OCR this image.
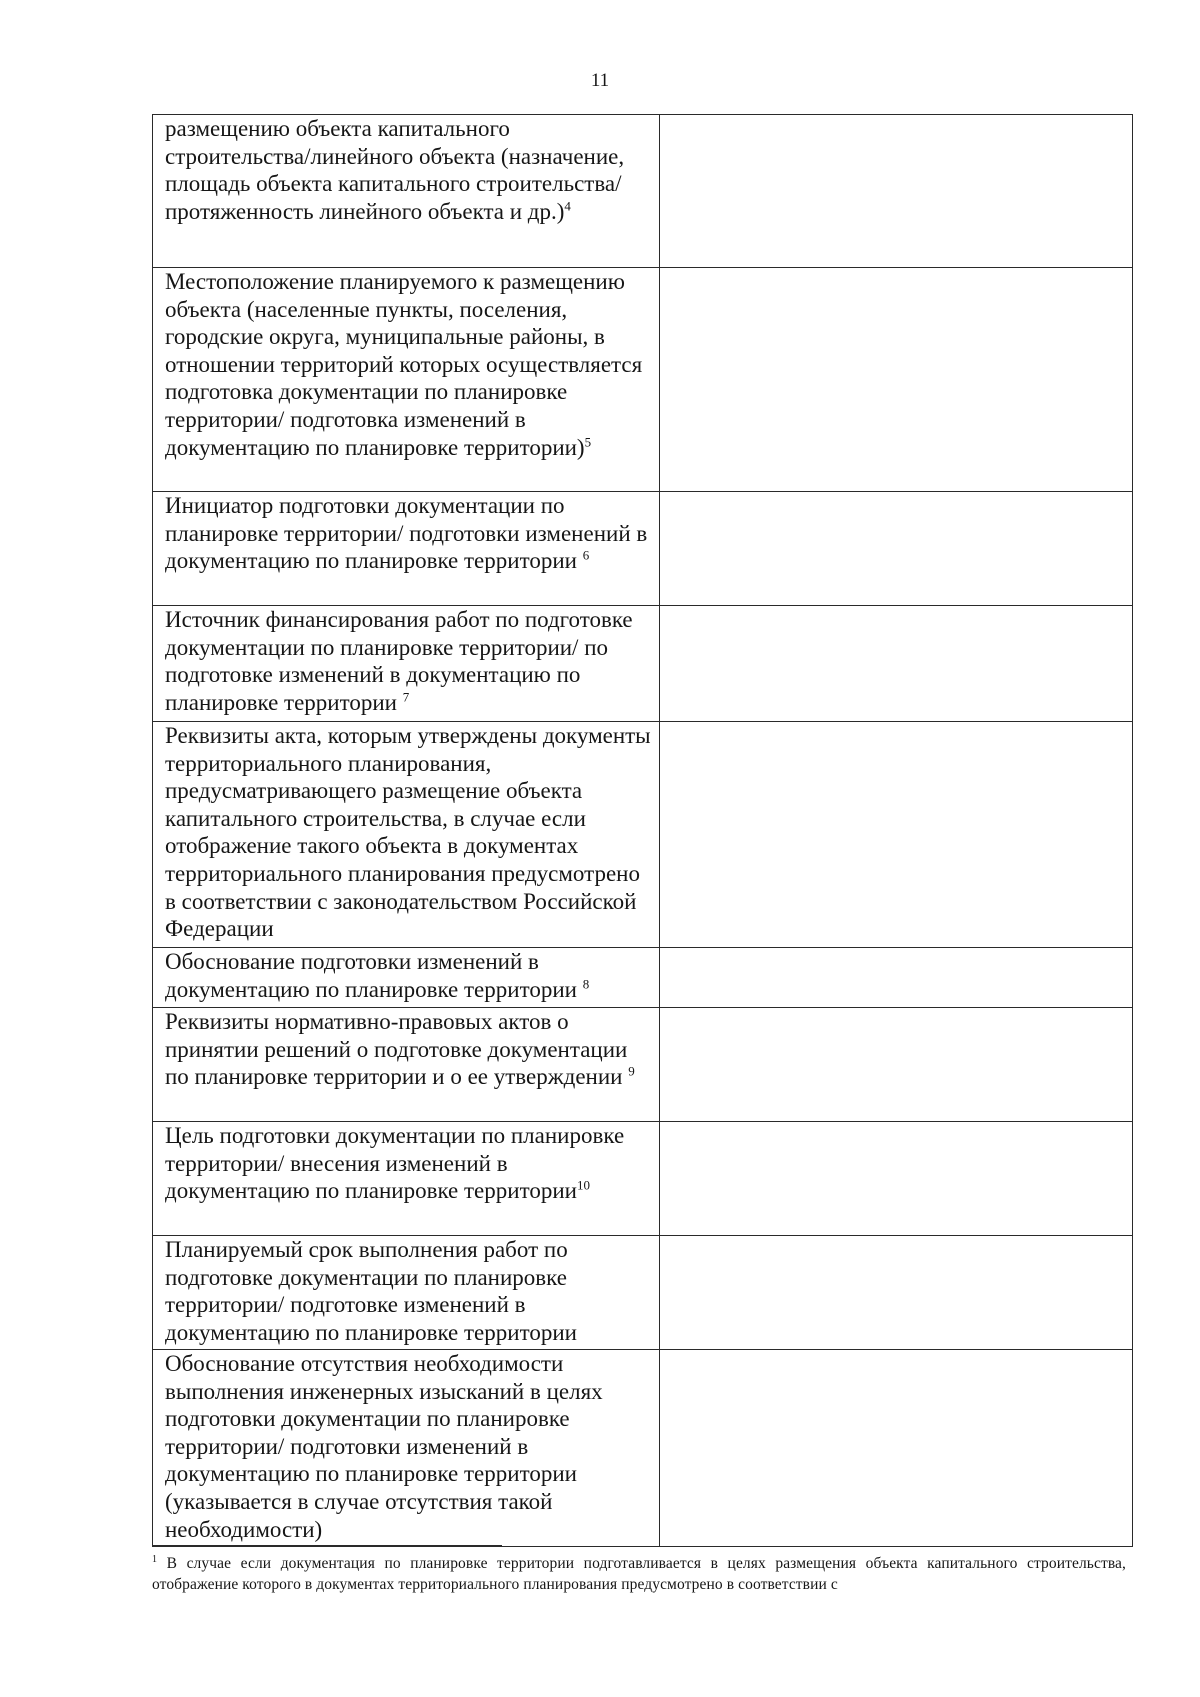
11
размещению объекта капитального строительства/линейного объекта (назначение, площадь объекта капитального строительства/протяженность линейного объекта и др.)$^4$	
Местоположение планируемого к размещению объекта (населенные пункты, поселения, городские округа, муниципальные районы, в отношении территорий которых осуществляется подготовка документации по планировке территории/ подготовка изменений в документацию по планировке территории)$^5$	
Инициатор подготовки документации по планировке территории/ подготовки изменений в документацию по планировке территории $^6$	
Источник финансирования работ по подготовке документации по планировке территории/ по подготовке изменений в документацию по планировке территории $^7$	
Реквизиты акта, которым утверждены документы территориального планирования, предусматривающего размещение объекта капитального строительства, в случае если отображение такого объекта в документах территориального планирования предусмотрено в соответствии с законодательством Российской Федерации	
Обоснование подготовки изменений в документацию по планировке территории $^8$	
Реквизиты нормативно-правовых актов о принятии решений о подготовке документации по планировке территории и о ее утверждении $^9$	
Цель подготовки документации по планировке территории/ внесения изменений в документацию по планировке территории$^{10}$	
Планируемый срок выполнения работ по подготовке документации по планировке территории/ подготовке изменений в документацию по планировке территории	
Обоснование отсутствия необходимости выполнения инженерных изысканий в целях подготовки документации по планировке территории/ подготовки изменений в документацию по планировке территории (указывается в случае отсутствия такой необходимости)	
$^1$ В случае если документация по планировке территории подготавливается в целях размещения объекта капитального строительства, отображение которого в документах территориального планирования предусмотрено в соответствии с
